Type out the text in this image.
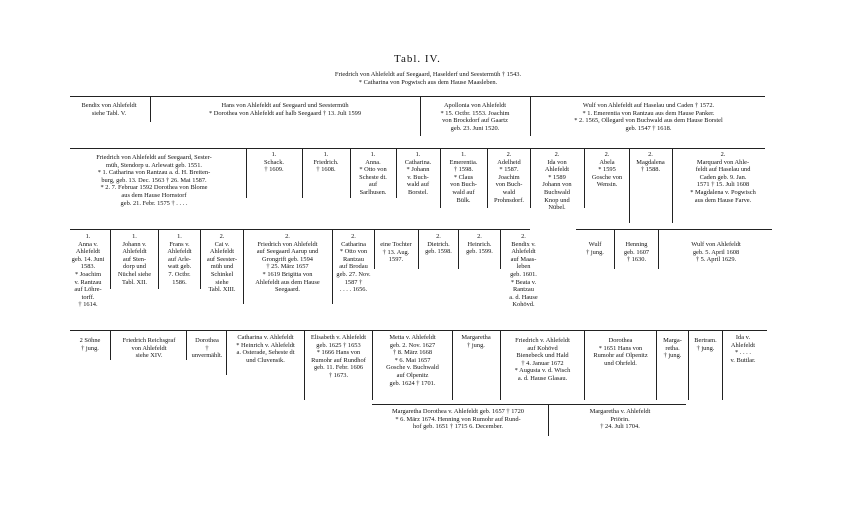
Tabl. IV.
Friedrich von Ahlefeldt auf Seegaard, Haselderf und Seestermüh † 1543.
* Catharina von Pogwisch aus dem Hause Maasleben.
Bendix von Ahlefeldt
siehe Tabl. V.
Hans von Ahlefeldt auf Seegaard und Seestermüh
* Dorothea von Ahlefeldt auf halb Seegaard † 13. Juli 1599
Apollonia von Ahlefeldt
* 15. Octbr. 1553. Joachim
von Brockdorf auf Gaartz
geb. 23. Juni 1520.
Wulf von Ahlefeldt auf Haselau und Caden † 1572.
* 1. Emerentia von Rantzau aus dem Hause Panker.
* 2. 1565, Ollegard von Buchwald aus dem Hause Borstel
geb. 1547 † 1618.
Friedrich von Ahlefeldt auf Seegaard, Sester-
müh, Stendorp u. Arlewatt geb. 1551.
* 1. Catharina von Rantzau a. d. H. Breiten-
burg, geb. 13. Dec. 1563 † 26. Mai 1587.
* 2. 7. Februar 1592 Dorothea von Blome
aus dem Hause Hornstorf
geb. 21. Febr. 1575 † . . . .
1.
Schack.
† 1609.
1.
Friedrich.
† 1608.
1.
Anna.
* Otto von
Scheste dt.
auf
Sarlhusen.
1.
Catharina.
* Johann
v. Buch-
wald auf
Borstel.
1.
Emerentia.
† 1598.
* Claus
von Buch-
wald auf
Bülk.
2.
Adelheid
* 1587.
Joachim
von Buch-
wald
Prohnsdorf.
2.
Ida von
Ahlefeldt
* 1589
Johann von
Buchwald
Knop und
Nübel.
2.
Abela
* 1595
Gosche von
Wensin.
2.
Magdalena
† 1588.
2.
Marquard von Ahle-
feldt auf Haselau und
Caden geb. 9. Jan.
1571 † 15. Juli 1608
* Magdalena v. Pogwisch
aus dem Hause Farve.
1.
Anna v.
Ahlefeldt
geb. 14. Juni
1583.
* Joachim
v. Rantzau
auf Löhre-
torff.
† 1614.
1.
Johann v.
Ahlefeldt
auf Sten-
dorp und
Nüchel siehe
Tabl. XII.
1.
Frans v.
Ahlefeldt
auf Arle-
watt geb.
7. Octbr.
1586.
2.
Cai v.
Ahlefeldt
auf Seester-
müh und
Schinkel
siehe
Tabl. XIII.
2.
Friedrich von Ahlefeldt
auf Seegaard Aarup und
Grongrift geb. 1594
† 25. März 1657
* 1619 Brigitta von
Ahlefeldt aus dem Hause
Seegaard.
2.
Catharina
* Otto von
Rantzau
auf Brodau
geb. 27. Nov.
1587 †
. . . . 1656.
eine Tochter
† 13. Aug.
1597.
2.
Dietrich.
geb. 1598.
2.
Heinrich.
geb. 1599.
2.
Bendix v.
Ahlefeldt
auf Maas-
leben
geb. 1601.
* Beata v.
Rantzau
a. d. Hause
Kohövd.
Wulf
† jung.
Henning
geb. 1607
† 1630.
Wulf von Ahlefeldt
geb. 5. April 1608
† 5. April 1629.
2 Söhne
† jung.
Friedrich Reichsgraf
von Ahlefeldt
siehe XIV.
Dorothea
†
unvermählt.
Catharina v. Ahlefeldt
* Heinrich v. Ahlefeldt
a. Osterade, Seheste dt
und Cluvensik.
Elisabeth v. Ahlefeldt
geb. 1625 † 1653
* 1666 Hans von
Rumohr auf Rundhof
geb. 11. Febr. 1606
† 1673.
Metta v. Ahlefeldt
geb. 2. Nov. 1627
† 8. März 1668
* 6. Mai 1657
Gosche v. Buchwald
auf Olpenitz
geb. 1624 † 1701.
Margaretha
† jung.
Friedrich v. Ahlefeldt
auf Kohövd
Bienebeck und Hald
† 4. Januar 1672
* Augusta v. d. Wisch
a. d. Hause Glasau.
Dorothea
* 1651 Hans von
Rumohr auf Olpenitz
und Ohrfeld.
Marga-
retha.
† jung.
Bertram.
† jung.
Ida v.
Ahlefeldt
* . . . .
v. Buttlar.
Margaretha Dorothea v. Ahlefeldt geb. 1657 † 1720
* 6. März 1674. Henning von Rumohr auf Rund-
hof geb. 1651 † 1715 6. December.
Margaretha v. Ahlefeldt
Priörin.
† 24. Juli 1704.
